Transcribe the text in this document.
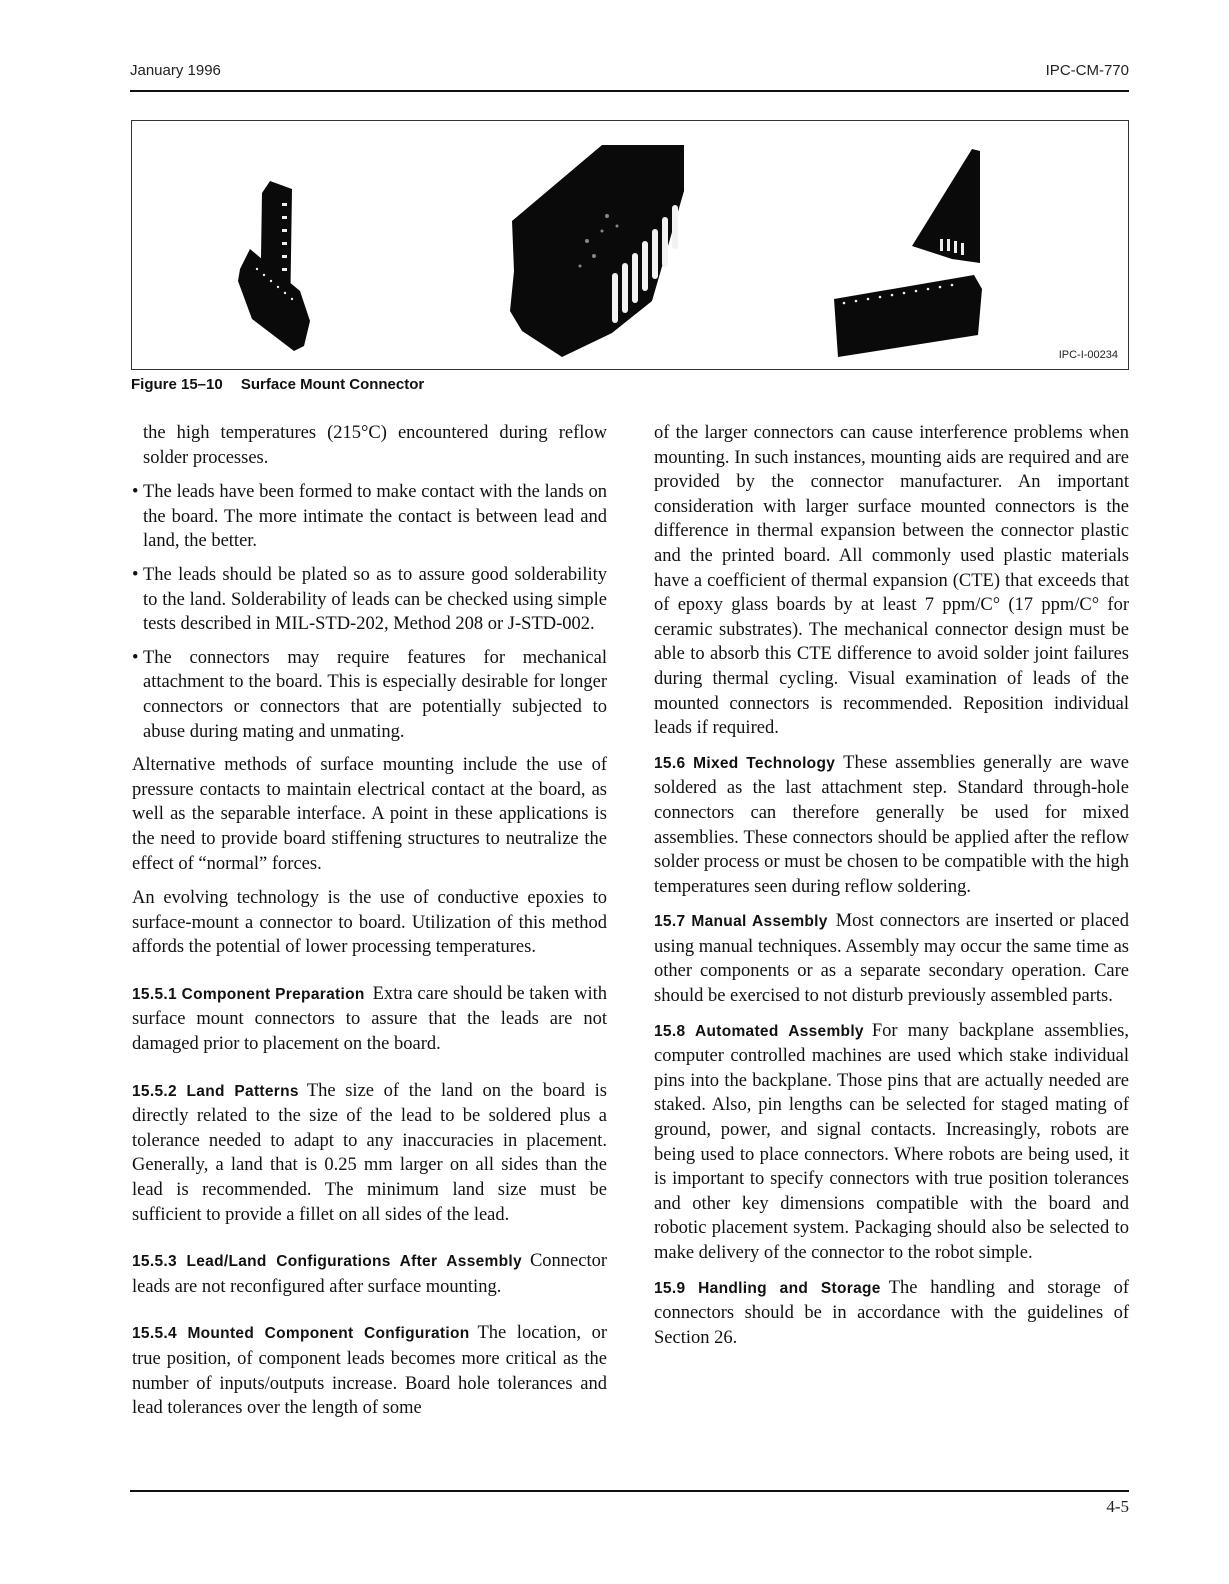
January 1996	IPC-CM-770
IPC-I-00234
Figure 15–10 Surface Mount Connector

the high temperatures (215°C) encountered during reflow solder processes.

• The leads have been formed to make contact with the lands on the board. The more intimate the contact is between lead and land, the better.

• The leads should be plated so as to assure good solderability to the land. Solderability of leads can be checked using simple tests described in MIL-STD-202, Method 208 or J-STD-002.

• The connectors may require features for mechanical attachment to the board. This is especially desirable for longer connectors or connectors that are potentially subjected to abuse during mating and unmating.

Alternative methods of surface mounting include the use of pressure contacts to maintain electrical contact at the board, as well as the separable interface. A point in these applications is the need to provide board stiffening structures to neutralize the effect of “normal” forces.

An evolving technology is the use of conductive epoxies to surface-mount a connector to board. Utilization of this method affords the potential of lower processing temperatures.

15.5.1 Component Preparation Extra care should be taken with surface mount connectors to assure that the leads are not damaged prior to placement on the board.

15.5.2 Land Patterns The size of the land on the board is directly related to the size of the lead to be soldered plus a tolerance needed to adapt to any inaccuracies in placement. Generally, a land that is 0.25 mm larger on all sides than the lead is recommended. The minimum land size must be sufficient to provide a fillet on all sides of the lead.

15.5.3 Lead/Land Configurations After Assembly Connector leads are not reconfigured after surface mounting.

15.5.4 Mounted Component Configuration The location, or true position, of component leads becomes more critical as the number of inputs/outputs increase. Board hole tolerances and lead tolerances over the length of some

of the larger connectors can cause interference problems when mounting. In such instances, mounting aids are required and are provided by the connector manufacturer. An important consideration with larger surface mounted connectors is the difference in thermal expansion between the connector plastic and the printed board. All commonly used plastic materials have a coefficient of thermal expansion (CTE) that exceeds that of epoxy glass boards by at least 7 ppm/C° (17 ppm/C° for ceramic substrates). The mechanical connector design must be able to absorb this CTE difference to avoid solder joint failures during thermal cycling. Visual examination of leads of the mounted connectors is recommended. Reposition individual leads if required.

15.6 Mixed Technology These assemblies generally are wave soldered as the last attachment step. Standard through-hole connectors can therefore generally be used for mixed assemblies. These connectors should be applied after the reflow solder process or must be chosen to be compatible with the high temperatures seen during reflow soldering.

15.7 Manual Assembly Most connectors are inserted or placed using manual techniques. Assembly may occur the same time as other components or as a separate secondary operation. Care should be exercised to not disturb previously assembled parts.

15.8 Automated Assembly For many backplane assemblies, computer controlled machines are used which stake individual pins into the backplane. Those pins that are actually needed are staked. Also, pin lengths can be selected for staged mating of ground, power, and signal contacts. Increasingly, robots are being used to place connectors. Where robots are being used, it is important to specify connectors with true position tolerances and other key dimensions compatible with the board and robotic placement system. Packaging should also be selected to make delivery of the connector to the robot simple.

15.9 Handling and Storage The handling and storage of connectors should be in accordance with the guidelines of Section 26.

4-5
